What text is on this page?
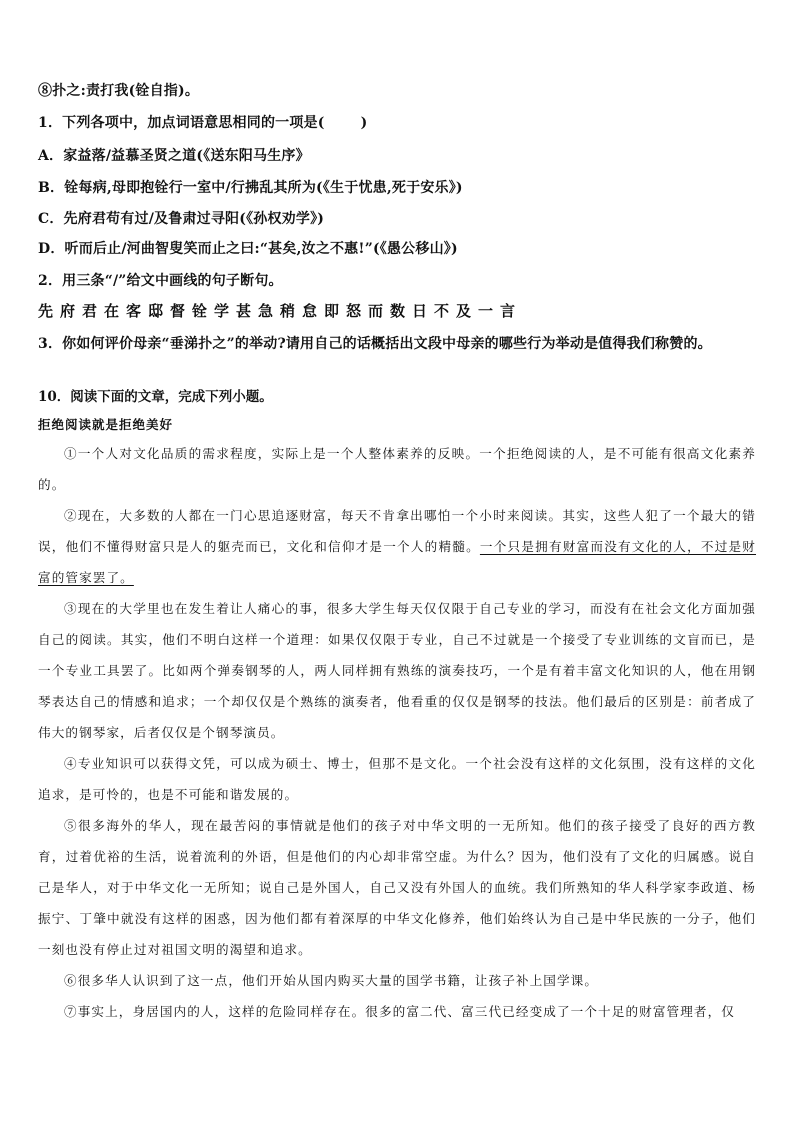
⑧扑之:责打我(铨自指)。
1．下列各项中，加点词语意思相同的一项是(	)
A．家益落/益慕圣贤之道(《送东阳马生序》
B．铨每病,母即抱铨行一室中/行拂乱其所为(《生于忧患,死于安乐》)
C．先府君苟有过/及鲁肃过寻阳(《孙权劝学》)
D．听而后止/河曲智叟笑而止之曰:“甚矣,汝之不惠!”(《愚公移山》)
2．用三条“/”给文中画线的句子断句。
先府君在客邸督铨学甚急稍怠即怒而数日不及一言
3．你如何评价母亲“垂涕扑之”的举动?请用自己的话概括出文段中母亲的哪些行为举动是值得我们称赞的。
10．阅读下面的文章，完成下列小题。
拒绝阅读就是拒绝美好

①一个人对文化品质的需求程度，实际上是一个人整体素养的反映。一个拒绝阅读的人，是不可能有很高文化素养的。

②现在，大多数的人都在一门心思追逐财富，每天不肯拿出哪怕一个小时来阅读。其实，这些人犯了一个最大的错误，他们不懂得财富只是人的躯壳而已，文化和信仰才是一个人的精髓。一个只是拥有财富而没有文化的人，不过是财富的管家罢了。

③现在的大学里也在发生着让人痛心的事，很多大学生每天仅仅限于自己专业的学习，而没有在社会文化方面加强自己的阅读。其实，他们不明白这样一个道理：如果仅仅限于专业，自己不过就是一个接受了专业训练的文盲而已，是一个专业工具罢了。比如两个弹奏钢琴的人，两人同样拥有熟练的演奏技巧，一个是有着丰富文化知识的人，他在用钢琴表达自己的情感和追求；一个却仅仅是个熟练的演奏者，他看重的仅仅是钢琴的技法。他们最后的区别是：前者成了伟大的钢琴家，后者仅仅是个钢琴演员。

④专业知识可以获得文凭，可以成为硕士、博士，但那不是文化。一个社会没有这样的文化氛围，没有这样的文化追求，是可怜的，也是不可能和谐发展的。

⑤很多海外的华人，现在最苦闷的事情就是他们的孩子对中华文明的一无所知。他们的孩子接受了良好的西方教育，过着优裕的生活，说着流利的外语，但是他们的内心却非常空虚。为什么？因为，他们没有了文化的归属感。说自己是华人，对于中华文化一无所知；说自己是外国人，自己又没有外国人的血统。我们所熟知的华人科学家李政道、杨振宁、丁肇中就没有这样的困惑，因为他们都有着深厚的中华文化修养，他们始终认为自己是中华民族的一分子，他们一刻也没有停止过对祖国文明的渴望和追求。

⑥很多华人认识到了这一点，他们开始从国内购买大量的国学书籍，让孩子补上国学课。

⑦事实上，身居国内的人，这样的危险同样存在。很多的富二代、富三代已经变成了一个十足的财富管理者，仅
